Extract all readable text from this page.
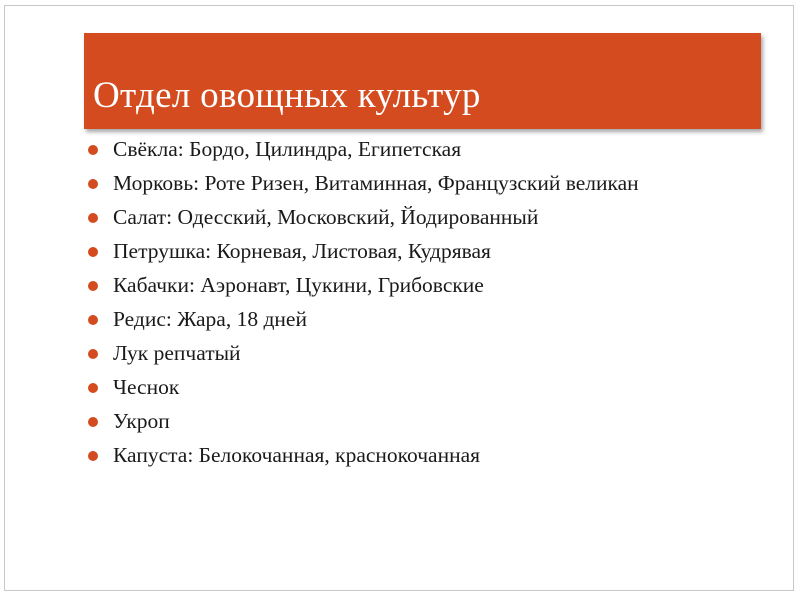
Отдел овощных культур
Свёкла: Бордо, Цилиндра, Египетская
Морковь: Роте Ризен, Витаминная, Французский великан
Салат: Одесский, Московский, Йодированный
Петрушка: Корневая, Листовая, Кудрявая
Кабачки: Аэронавт, Цукини, Грибовские
Редис: Жара, 18 дней
Лук репчатый
Чеснок
Укроп
Капуста: Белокочанная, краснокочанная
